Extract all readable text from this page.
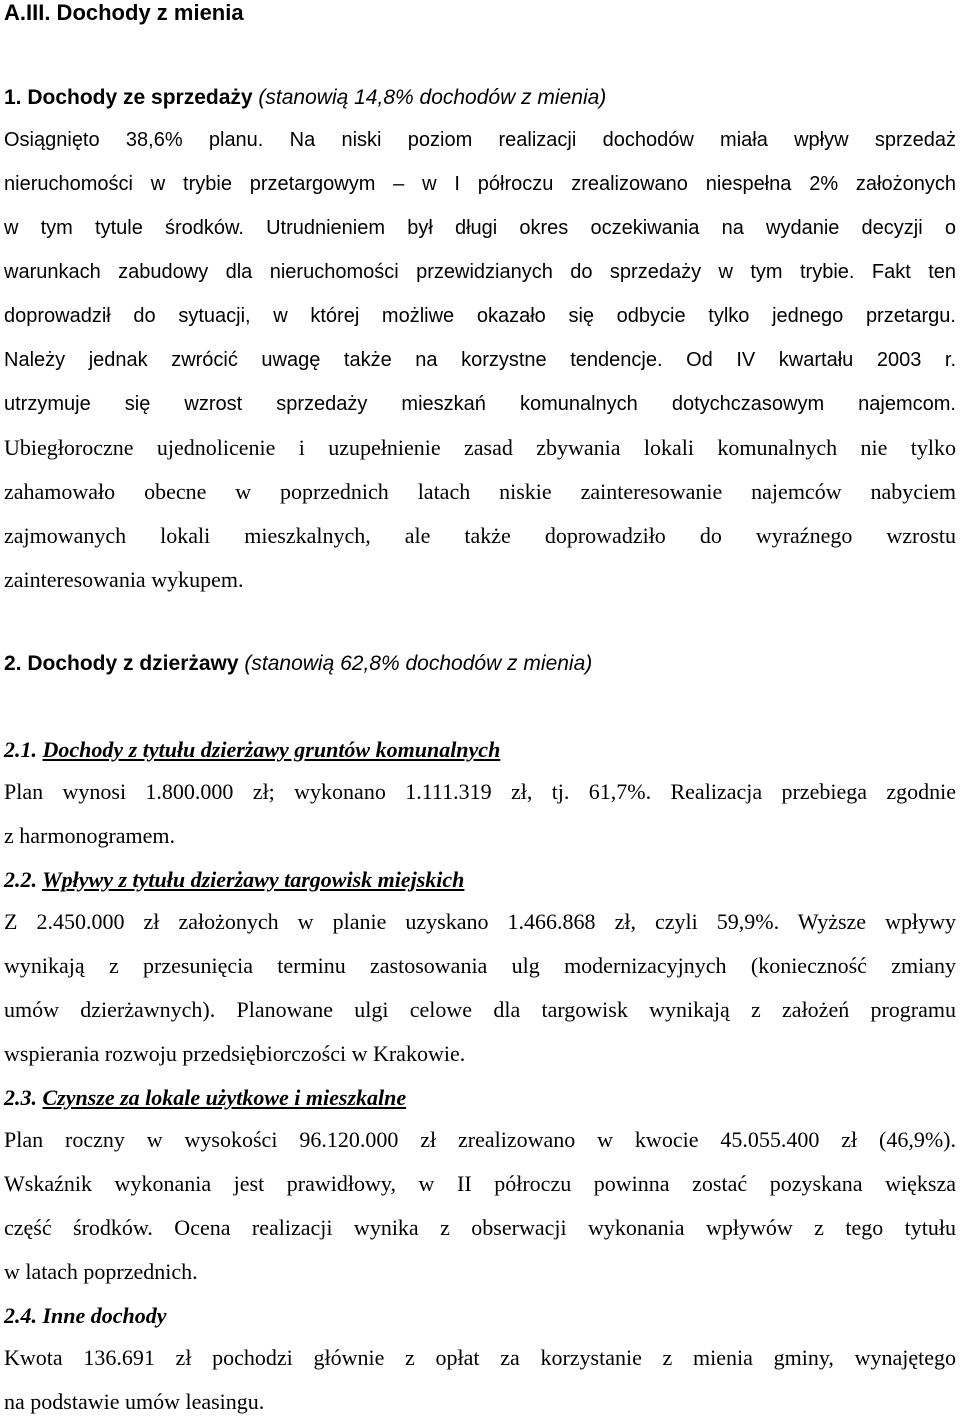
A.III. Dochody z mienia
1. Dochody ze sprzedaży (stanowią 14,8% dochodów z mienia)
Osiągnięto 38,6% planu. Na niski poziom realizacji dochodów miała wpływ sprzedaż
nieruchomości w trybie przetargowym – w I półroczu zrealizowano niespełna 2% założonych
w tym tytule środków. Utrudnieniem był długi okres oczekiwania na wydanie decyzji o
warunkach zabudowy dla nieruchomości przewidzianych do sprzedaży w tym trybie. Fakt ten
doprowadził do sytuacji, w której możliwe okazało się odbycie tylko jednego przetargu.
Należy jednak zwrócić uwagę także na korzystne tendencje. Od IV kwartału 2003 r.
utrzymuje się wzrost sprzedaży mieszkań komunalnych dotychczasowym najemcom.
Ubiegłoroczne ujednolicenie i uzupełnienie zasad zbywania lokali komunalnych nie tylko
zahamowało obecne w poprzednich latach niskie zainteresowanie najemców nabyciem
zajmowanych lokali mieszkalnych, ale także doprowadziło do wyraźnego wzrostu
zainteresowania wykupem.
2. Dochody z dzierżawy (stanowią 62,8% dochodów z mienia)
2.1. Dochody z tytułu dzierżawy gruntów komunalnych
Plan wynosi 1.800.000 zł; wykonano 1.111.319 zł, tj. 61,7%. Realizacja przebiega zgodnie
z harmonogramem.
2.2. Wpływy z tytułu dzierżawy targowisk miejskich
Z 2.450.000 zł założonych w planie uzyskano 1.466.868 zł, czyli 59,9%. Wyższe wpływy
wynikają z przesunięcia terminu zastosowania ulg modernizacyjnych (konieczność zmiany
umów dzierżawnych). Planowane ulgi celowe dla targowisk wynikają z założeń programu
wspierania rozwoju przedsiębiorczości w Krakowie.
2.3. Czynsze za lokale użytkowe i mieszkalne
Plan roczny w wysokości 96.120.000 zł zrealizowano w kwocie 45.055.400 zł (46,9%).
Wskaźnik wykonania jest prawidłowy, w II półroczu powinna zostać pozyskana większa
część środków. Ocena realizacji wynika z obserwacji wykonania wpływów z tego tytułu
w latach poprzednich.
2.4. Inne dochody
Kwota 136.691 zł pochodzi głównie z opłat za korzystanie z mienia gminy, wynajętego
na podstawie umów leasingu.
